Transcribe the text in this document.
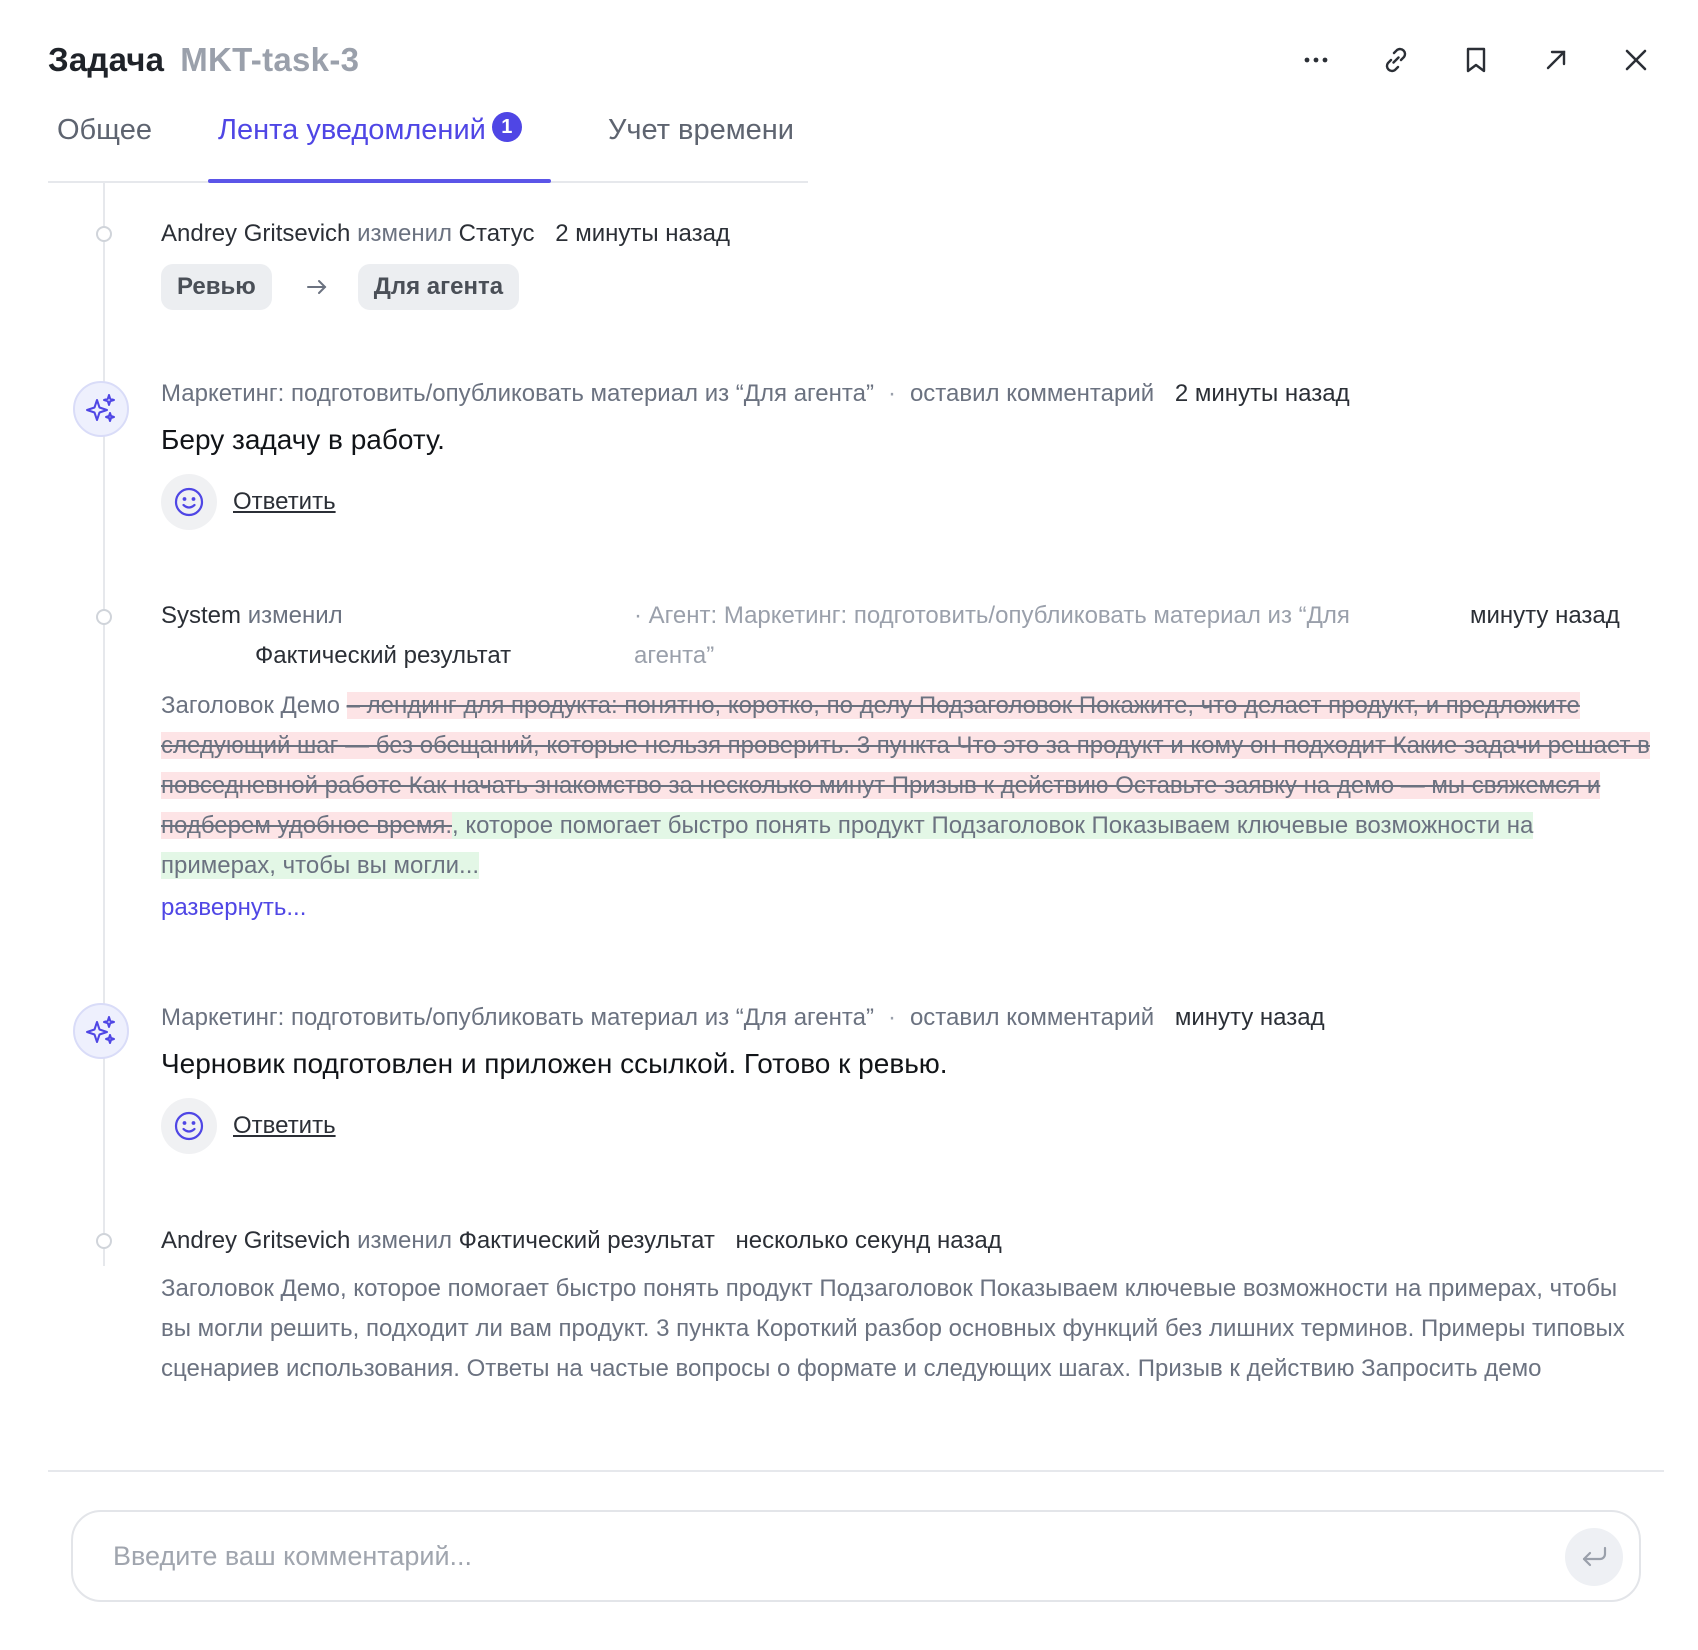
Задача MKT-task-3
Общее	Лента уведомлений 1	Учет времени
Andrey Gritsevich изменил Статус 2 минуты назад
Ревью	Для агента
Маркетинг: подготовить/опубликовать материал из “Для агента” · оставил комментарий 2 минуты назад
Беру задачу в работу.
Ответить
System изменил
Фактический результат
· Агент: Маркетинг: подготовить/опубликовать материал из “Для агента”
минуту назад
Заголовок Демо – лендинг для продукта: понятно, коротко, по делу Подзаголовок Покажите, что делает продукт, и предложите следующий шаг — без обещаний, которые нельзя проверить. 3 пункта Что это за продукт и кому он подходит Какие задачи решает в повседневной работе Как начать знакомство за несколько минут Призыв к действию Оставьте заявку на демо — мы свяжемся и подберем удобное время., которое помогает быстро понять продукт Подзаголовок Показываем ключевые возможности на примерах, чтобы вы могли...
развернуть...
Маркетинг: подготовить/опубликовать материал из “Для агента” · оставил комментарий минуту назад
Черновик подготовлен и приложен ссылкой. Готово к ревью.
Ответить
Andrey Gritsevich изменил Фактический результат несколько секунд назад
Заголовок Демо, которое помогает быстро понять продукт Подзаголовок Показываем ключевые возможности на примерах, чтобы вы могли решить, подходит ли вам продукт. 3 пункта Короткий разбор основных функций без лишних терминов. Примеры типовых сценариев использования. Ответы на частые вопросы о формате и следующих шагах. Призыв к действию Запросить демо
Введите ваш комментарий...
